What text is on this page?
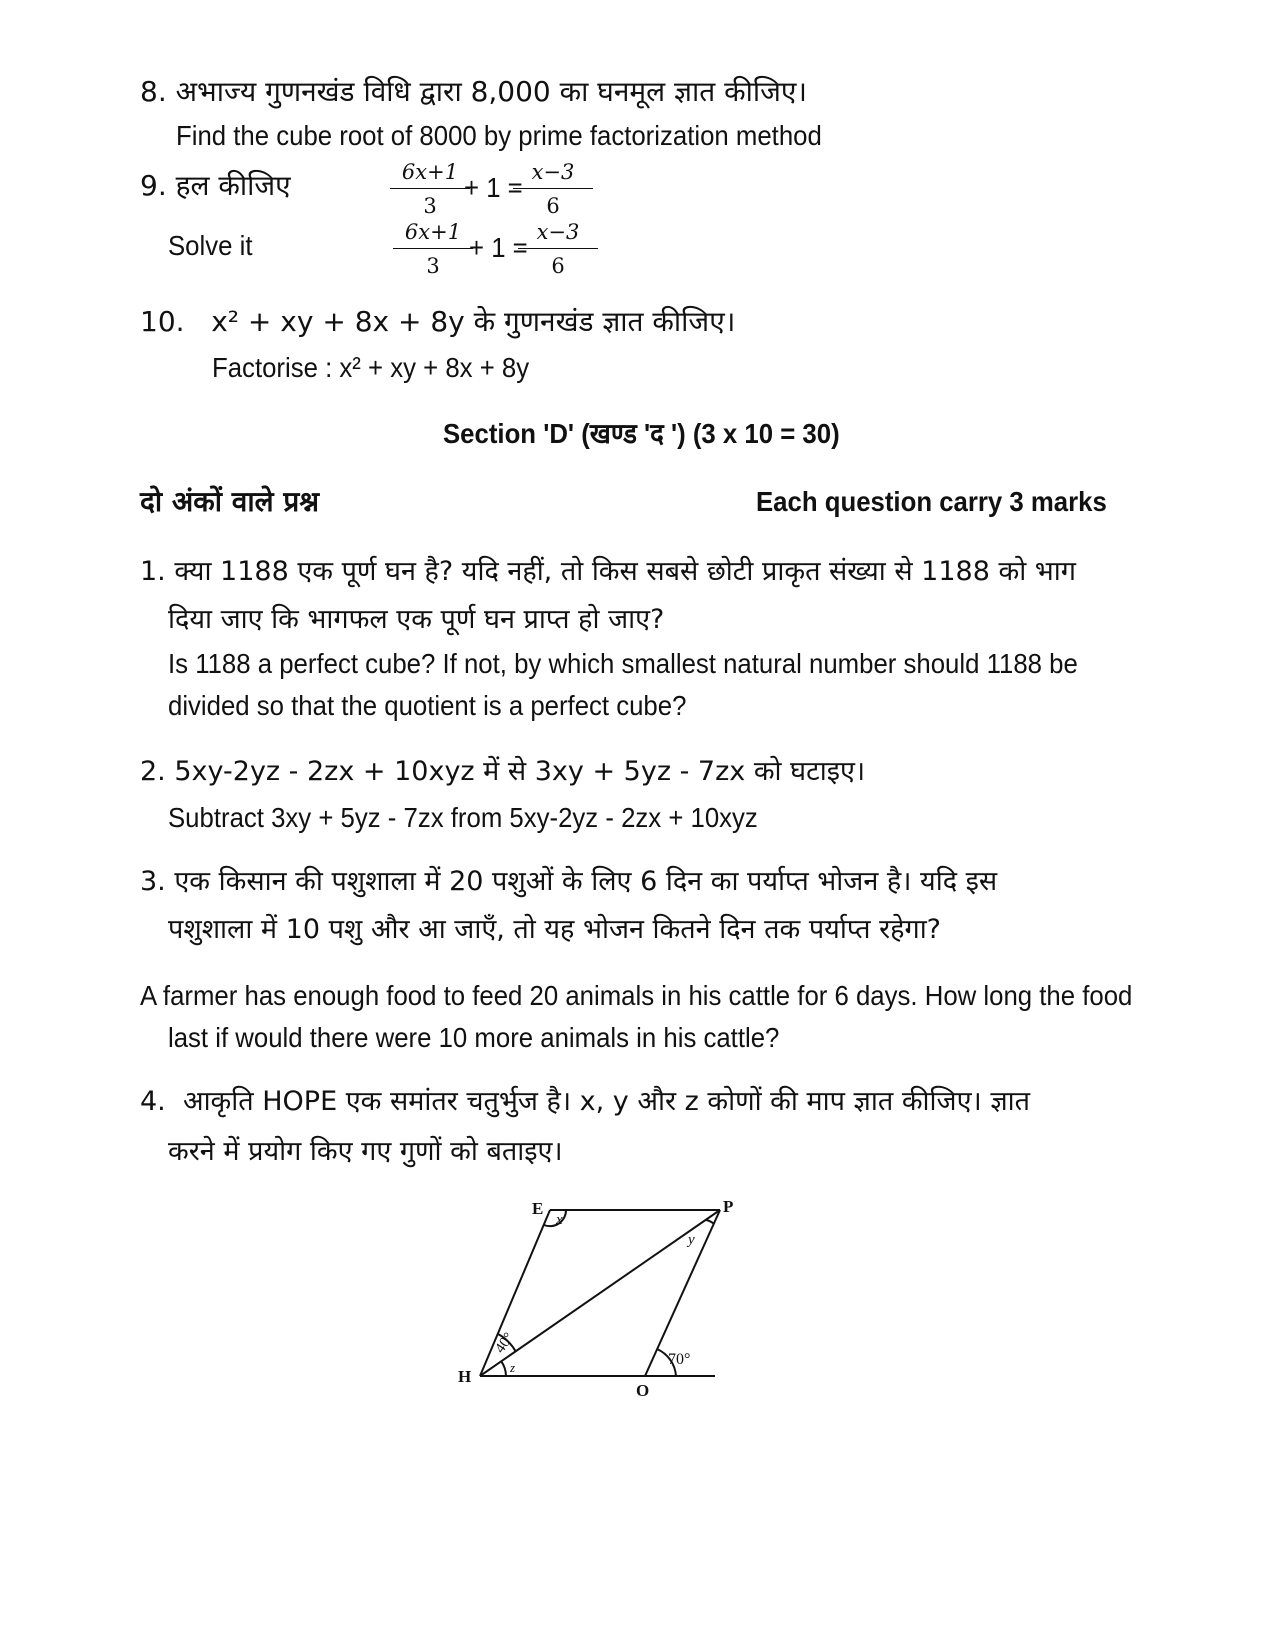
8. अभाज्य गुणनखंड विधि द्वारा 8,000 का घनमूल ज्ञात कीजिए।
Find the cube root of 8000 by prime factorization method
9. हल कीजिए	$\frac{6x+1}{3}$
+ 1 =
$\frac{x-3}{6}$
Solve it	$\frac{6x+1}{3}$
+ 1 =
$\frac{x-3}{6}$
10. x² + xy + 8x + 8y के गुणनखंड ज्ञात कीजिए।
Factorise : x² + xy + 8x + 8y
Section 'D' (खण्ड 'द ') (3 x 10 = 30)
दो अंकों वाले प्रश्न	Each question carry 3 marks
1. क्या 1188 एक पूर्ण घन है? यदि नहीं, तो किस सबसे छोटी प्राकृत संख्या से 1188 को भाग
दिया जाए कि भागफल एक पूर्ण घन प्राप्त हो जाए?
Is 1188 a perfect cube? If not, by which smallest natural number should 1188 be
divided so that the quotient is a perfect cube?
2. 5xy-2yz - 2zx + 10xyz में से 3xy + 5yz - 7zx को घटाइए।
Subtract 3xy + 5yz - 7zx from 5xy-2yz - 2zx + 10xyz
3. एक किसान की पशुशाला में 20 पशुओं के लिए 6 दिन का पर्याप्त भोजन है। यदि इस
पशुशाला में 10 पशु और आ जाएँ, तो यह भोजन कितने दिन तक पर्याप्त रहेगा?
A farmer has enough food to feed 20 animals in his cattle for 6 days. How long the food
last if would there were 10 more animals in his cattle?
4. आकृति HOPE एक समांतर चतुर्भुज है। x, y और z कोणों की माप ज्ञात कीजिए। ज्ञात
करने में प्रयोग किए गए गुणों को बताइए।
E	P
H
O
x
y
z
40°
70°
